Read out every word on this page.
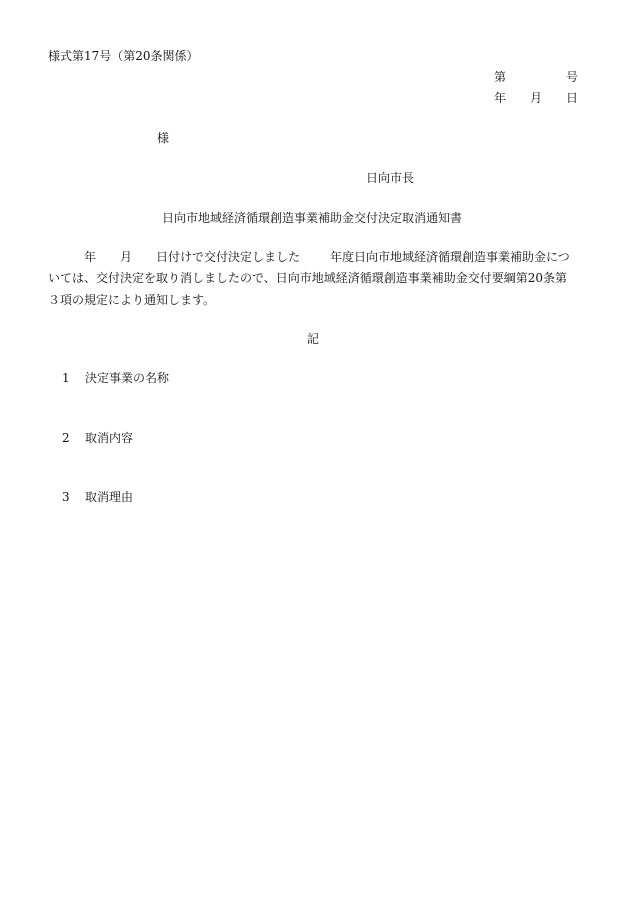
様式第17号（第20条関係）
第	号
年 月 日
様
日向市長
日向市地域経済循環創造事業補助金交付決定取消通知書
年 月 日付けで交付決定しました 年度日向市地域経済循環創造事業補助金につ
いては、交付決定を取り消しましたので、日向市地域経済循環創造事業補助金交付要綱第20条第
３項の規定により通知します。
記
1 決定事業の名称
2 取消内容
3 取消理由
